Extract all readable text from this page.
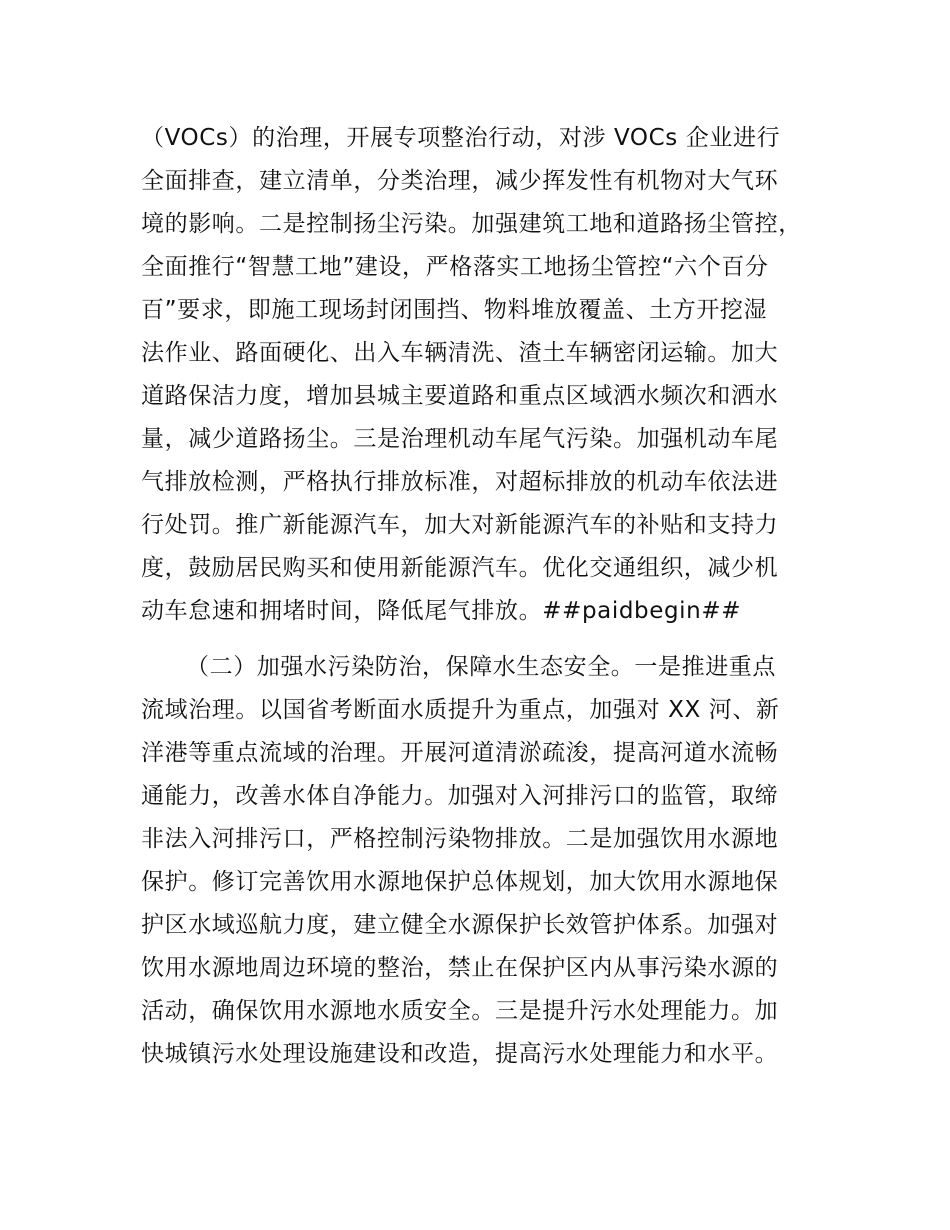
（VOCs）的治理，开展专项整治行动，对涉 VOCs 企业进行
全面排查，建立清单，分类治理，减少挥发性有机物对大气环
境的影响。二是控制扬尘污染。加强建筑工地和道路扬尘管控，
全面推行“智慧工地”建设，严格落实工地扬尘管控“六个百分
百”要求，即施工现场封闭围挡、物料堆放覆盖、土方开挖湿
法作业、路面硬化、出入车辆清洗、渣土车辆密闭运输。加大
道路保洁力度，增加县城主要道路和重点区域洒水频次和洒水
量，减少道路扬尘。三是治理机动车尾气污染。加强机动车尾
气排放检测，严格执行排放标准，对超标排放的机动车依法进
行处罚。推广新能源汽车，加大对新能源汽车的补贴和支持力
度，鼓励居民购买和使用新能源汽车。优化交通组织，减少机
动车怠速和拥堵时间，降低尾气排放。##paidbegin##
（二）加强水污染防治，保障水生态安全。一是推进重点
流域治理。以国省考断面水质提升为重点，加强对 XX 河、新
洋港等重点流域的治理。开展河道清淤疏浚，提高河道水流畅
通能力，改善水体自净能力。加强对入河排污口的监管，取缔
非法入河排污口，严格控制污染物排放。二是加强饮用水源地
保护。修订完善饮用水源地保护总体规划，加大饮用水源地保
护区水域巡航力度，建立健全水源保护长效管护体系。加强对
饮用水源地周边环境的整治，禁止在保护区内从事污染水源的
活动，确保饮用水源地水质安全。三是提升污水处理能力。加
快城镇污水处理设施建设和改造，提高污水处理能力和水平。
